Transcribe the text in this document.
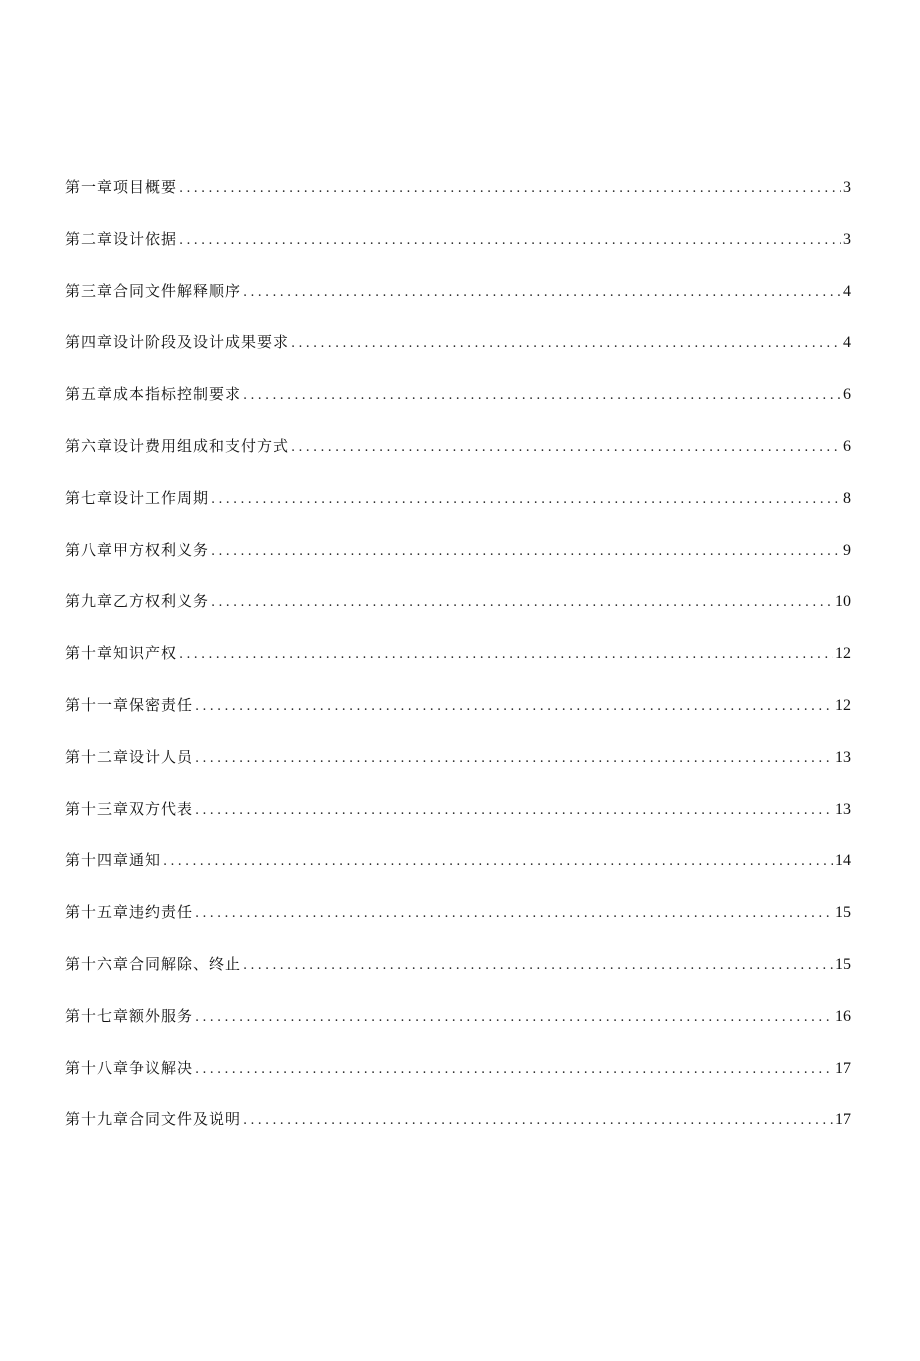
第一章项目概要 .....	3
第二章设计依据 .....	3
第三章合同文件解释顺序 .....	4
第四章设计阶段及设计成果要求 .....	4
第五章成本指标控制要求 .....	6
第六章设计费用组成和支付方式 .....	6
第七章设计工作周期 .....	8
第八章甲方权利义务 .....	9
第九章乙方权利义务 .....	10
第十章知识产权 .....	12
第十一章保密责任 .....	12
第十二章设计人员 .....	13
第十三章双方代表 .....	13
第十四章通知 .....	14
第十五章违约责任 .....	15
第十六章合同解除、终止 .....	15
第十七章额外服务 .....	16
第十八章争议解决 .....	17
第十九章合同文件及说明 .....	17
